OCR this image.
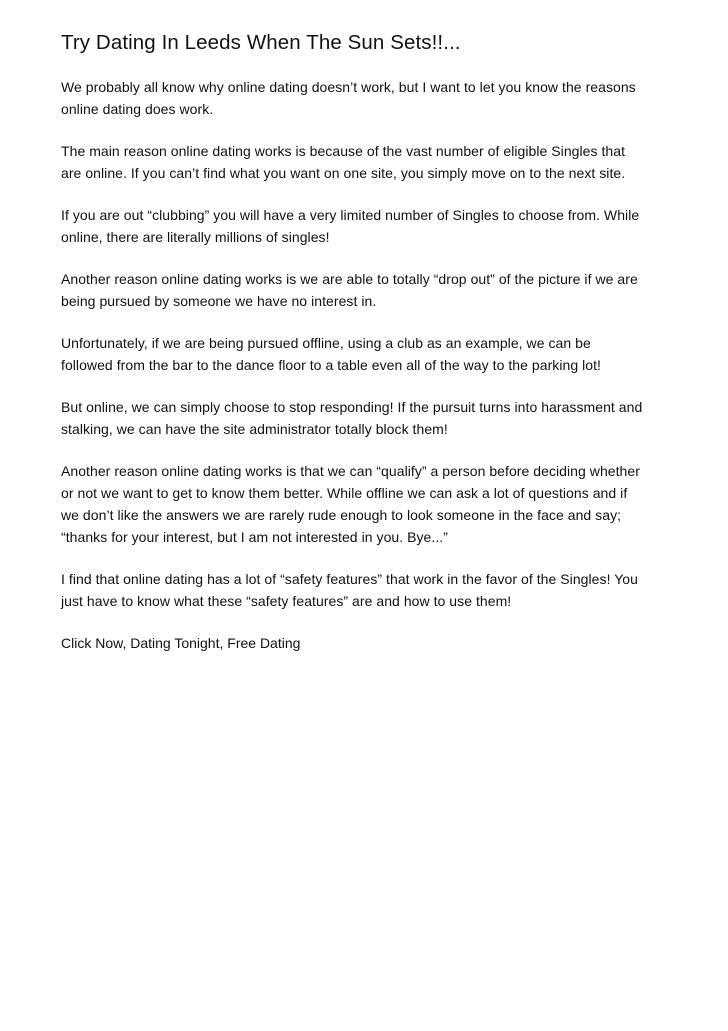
Try Dating In Leeds When The Sun Sets!!...

We probably all know why online dating doesn’t work, but I want to let you know the reasons
online dating does work.

The main reason online dating works is because of the vast number of eligible Singles that
are online. If you can’t find what you want on one site, you simply move on to the next site.

If you are out “clubbing” you will have a very limited number of Singles to choose from. While
online, there are literally millions of singles!

Another reason online dating works is we are able to totally “drop out” of the picture if we are
being pursued by someone we have no interest in.

Unfortunately, if we are being pursued offline, using a club as an example, we can be
followed from the bar to the dance floor to a table even all of the way to the parking lot!

But online, we can simply choose to stop responding! If the pursuit turns into harassment and
stalking, we can have the site administrator totally block them!

Another reason online dating works is that we can “qualify” a person before deciding whether
or not we want to get to know them better. While offline we can ask a lot of questions and if
we don’t like the answers we are rarely rude enough to look someone in the face and say;
“thanks for your interest, but I am not interested in you. Bye...”

I find that online dating has a lot of “safety features” that work in the favor of the Singles! You
just have to know what these “safety features” are and how to use them!

Click Now, Dating Tonight, Free Dating
